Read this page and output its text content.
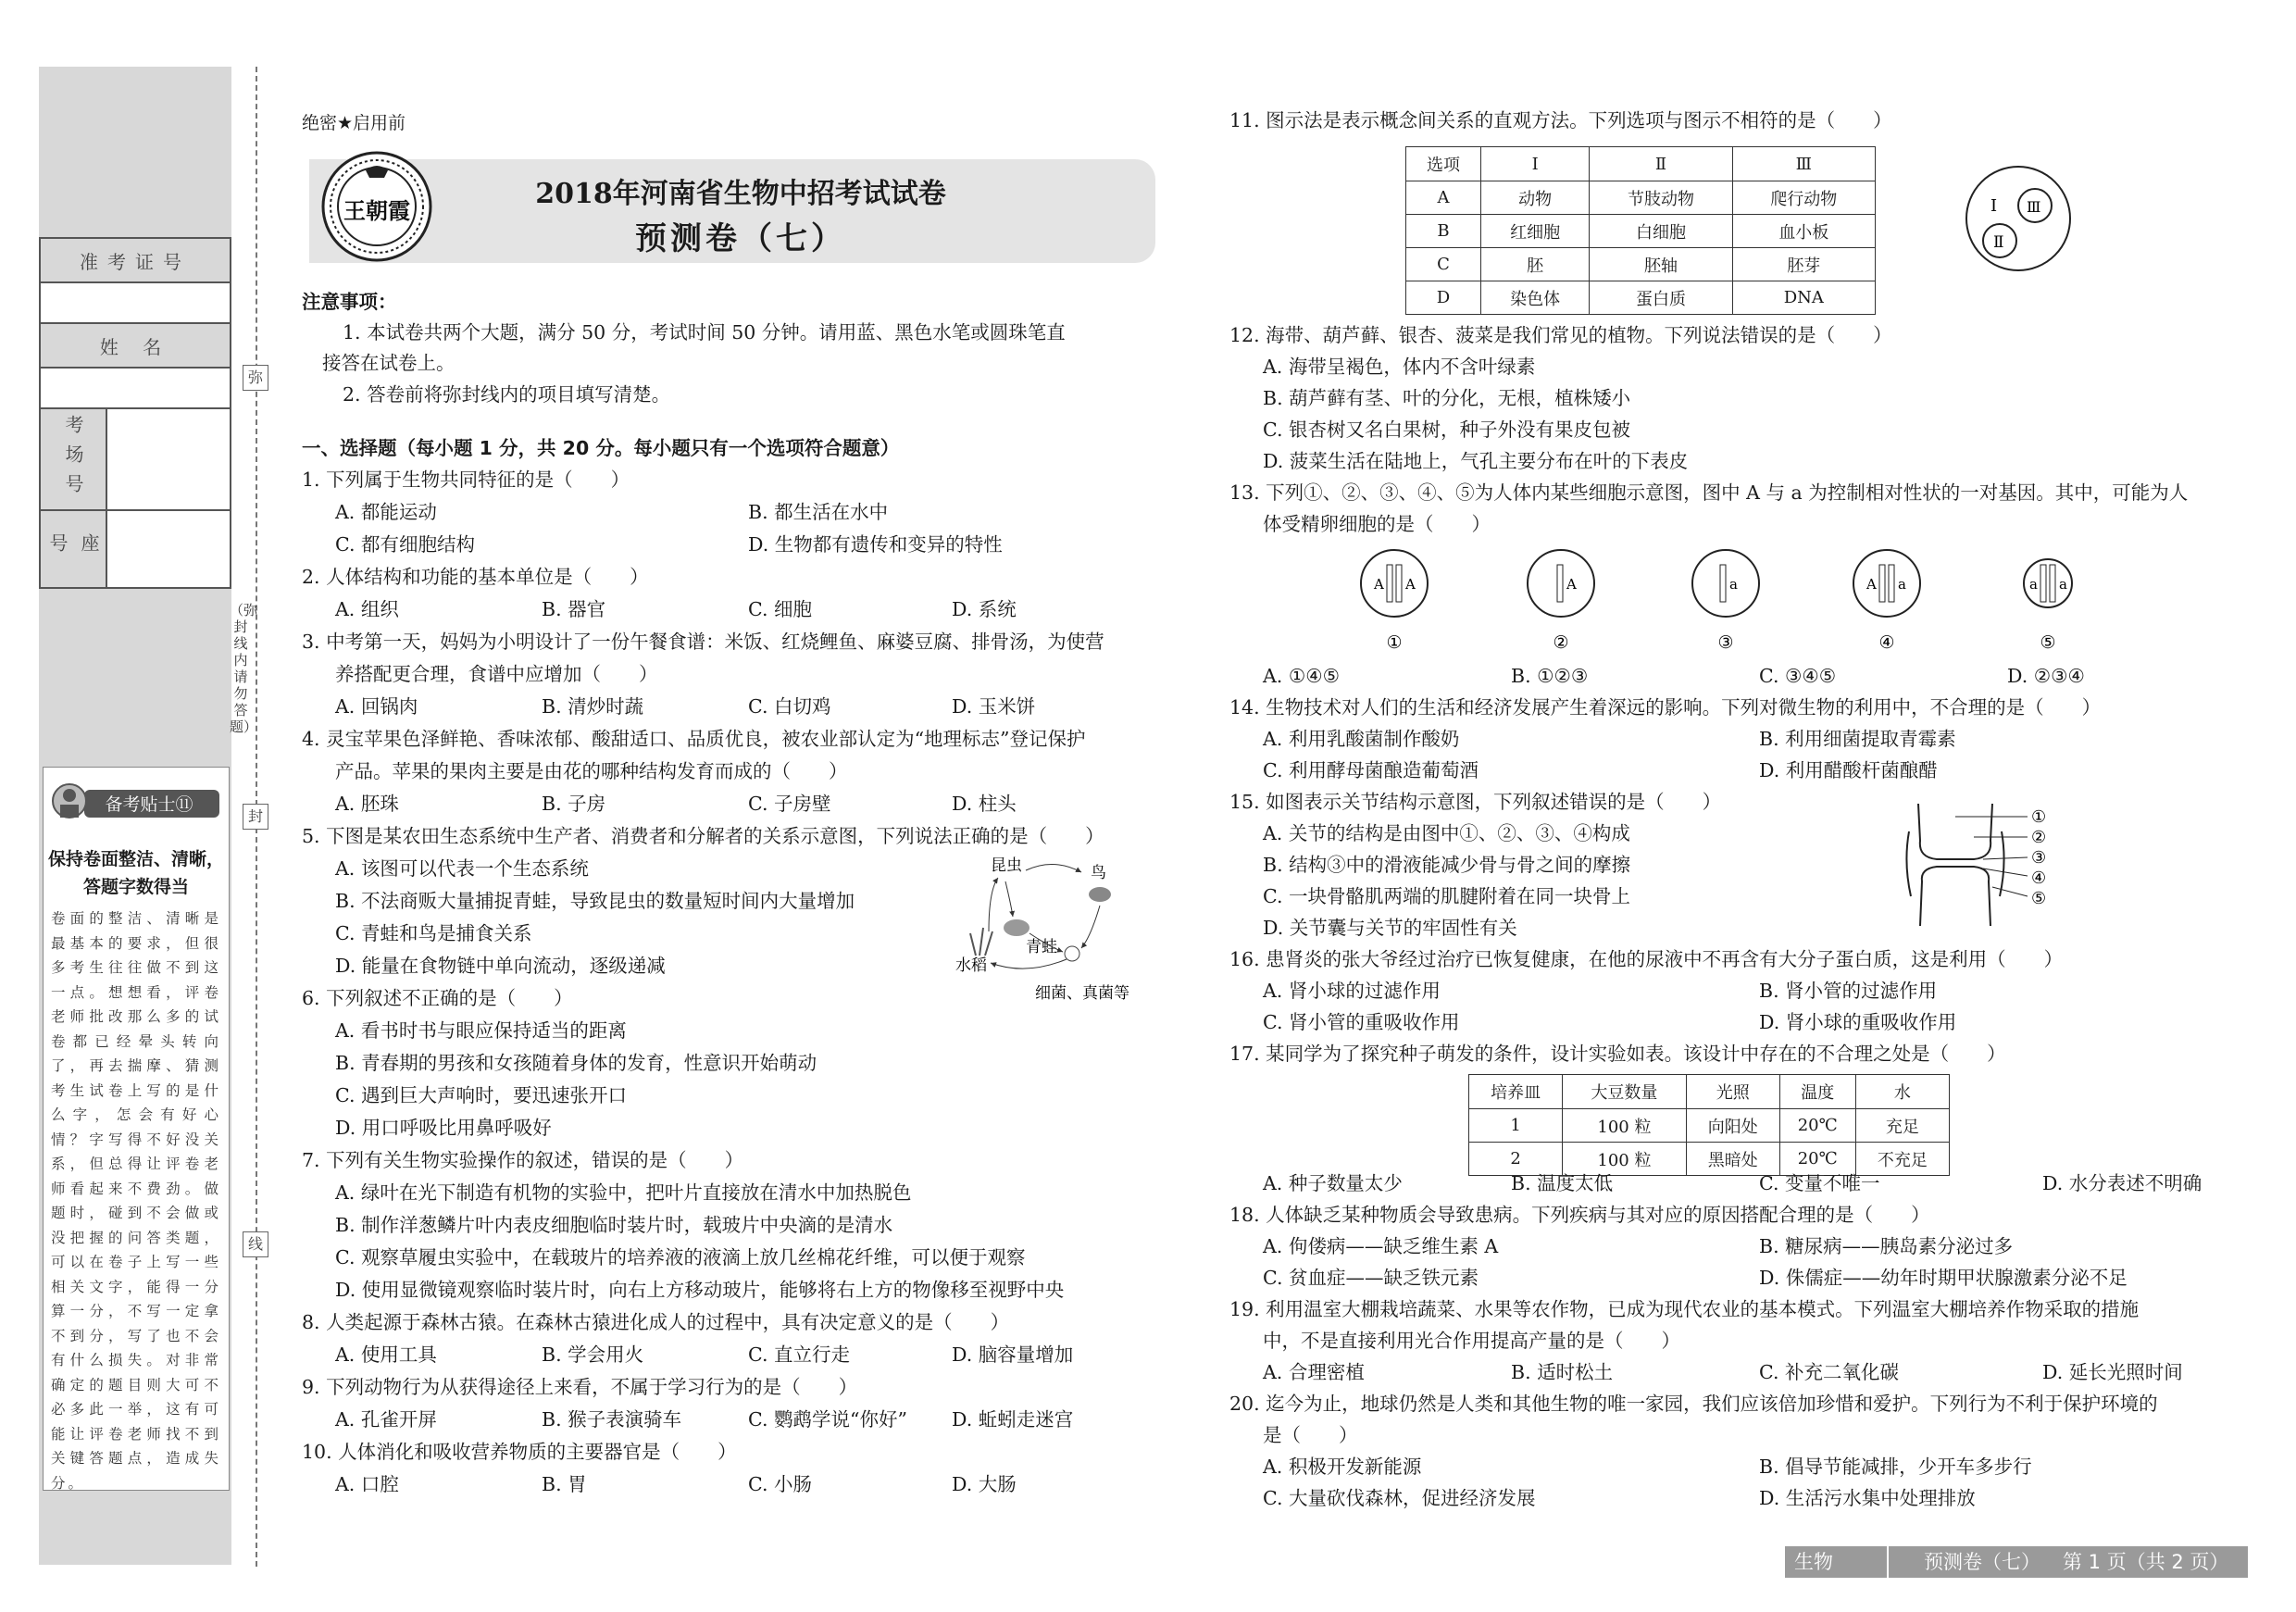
准考证号	

姓 名	

考场号	
座 号	
备考贴士⑪
保持卷面整洁、清晰，答题字数得当
卷面的整洁、清晰是最基本的要求，但很多考生往往做不到这一点。想想看，评卷老师批改那么多的试卷都已经晕头转向了，再去揣摩、猜测考生试卷上写的是什么字，怎会有好心情？字写得不好没关系，但总得让评卷老师看起来不费劲。做题时，碰到不会做或没把握的问答类题，可以在卷子上写一些相关文字，能得一分算一分，不写一定拿不到分，写了也不会有什么损失。对非常确定的题目则大可不必多此一举，这有可能让评卷老师找不到关键答题点，造成失分。
弥
封
线
（弥封线内请勿答题）
绝密★启用前
王朝霞
2018年河南省生物中招考试试卷
预测卷（七）
注意事项：
1. 本试卷共两个大题，满分 50 分，考试时间 50 分钟。请用蓝、黑色水笔或圆珠笔直
接答在试卷上。
2. 答卷前将弥封线内的项目填写清楚。
一、选择题（每小题 1 分，共 20 分。每小题只有一个选项符合题意）
1. 下列属于生物共同特征的是（　　）
A. 都能运动	B. 都生活在水中
C. 都有细胞结构	D. 生物都有遗传和变异的特性
2. 人体结构和功能的基本单位是（　　）
A. 组织	B. 器官	C. 细胞	D. 系统
3. 中考第一天，妈妈为小明设计了一份午餐食谱：米饭、红烧鲤鱼、麻婆豆腐、排骨汤，为使营
养搭配更合理，食谱中应增加（　　）
A. 回锅肉	B. 清炒时蔬	C. 白切鸡	D. 玉米饼
4. 灵宝苹果色泽鲜艳、香味浓郁、酸甜适口、品质优良，被农业部认定为“地理标志”登记保护
产品。苹果的果肉主要是由花的哪种结构发育而成的（　　）
A. 胚珠	B. 子房	C. 子房壁	D. 柱头
5. 下图是某农田生态系统中生产者、消费者和分解者的关系示意图，下列说法正确的是（　　）
A. 该图可以代表一个生态系统
B. 不法商贩大量捕捉青蛙，导致昆虫的数量短时间内大量增加
C. 青蛙和鸟是捕食关系
D. 能量在食物链中单向流动，逐级递减
昆虫	鸟
青蛙
水稻
细菌、真菌等
6. 下列叙述不正确的是（　　）
A. 看书时书与眼应保持适当的距离
B. 青春期的男孩和女孩随着身体的发育，性意识开始萌动
C. 遇到巨大声响时，要迅速张开口
D. 用口呼吸比用鼻呼吸好
7. 下列有关生物实验操作的叙述，错误的是（　　）
A. 绿叶在光下制造有机物的实验中，把叶片直接放在清水中加热脱色
B. 制作洋葱鳞片叶内表皮细胞临时装片时，载玻片中央滴的是清水
C. 观察草履虫实验中，在载玻片的培养液的液滴上放几丝棉花纤维，可以便于观察
D. 使用显微镜观察临时装片时，向右上方移动玻片，能够将右上方的物像移至视野中央
8. 人类起源于森林古猿。在森林古猿进化成人的过程中，具有决定意义的是（　　）
A. 使用工具	B. 学会用火	C. 直立行走	D. 脑容量增加
9. 下列动物行为从获得途径上来看，不属于学习行为的是（　　）
A. 孔雀开屏	B. 猴子表演骑车	C. 鹦鹉学说“你好” D. 蚯蚓走迷宫
10. 人体消化和吸收营养物质的主要器官是（　　）
A. 口腔	B. 胃	C. 小肠	D. 大肠
11. 图示法是表示概念间关系的直观方法。下列选项与图示不相符的是（　　）
选项	Ⅰ	Ⅱ	Ⅲ
A	动物	节肢动物	爬行动物
B	红细胞	白细胞	血小板
C	胚	胚轴	胚芽
D	染色体	蛋白质	DNA
Ⅰ
Ⅱ
Ⅲ
12. 海带、葫芦藓、银杏、菠菜是我们常见的植物。下列说法错误的是（　　）
A. 海带呈褐色，体内不含叶绿素
B. 葫芦藓有茎、叶的分化，无根，植株矮小
C. 银杏树又名白果树，种子外没有果皮包被
D. 菠菜生活在陆地上，气孔主要分布在叶的下表皮
13. 下列①、②、③、④、⑤为人体内某些细胞示意图，图中 A 与 a 为控制相对性状的一对基因。其中，可能为人
体受精卵细胞的是（　　）
A A
①
A
②
a
③
A a
④
a a
⑤
A. ①④⑤	B. ①②③	C. ③④⑤	D. ②③④
14. 生物技术对人们的生活和经济发展产生着深远的影响。下列对微生物的利用中，不合理的是（　　）
A. 利用乳酸菌制作酸奶	B. 利用细菌提取青霉素
C. 利用酵母菌酿造葡萄酒	D. 利用醋酸杆菌酿醋
15. 如图表示关节结构示意图，下列叙述错误的是（　　）
A. 关节的结构是由图中①、②、③、④构成
B. 结构③中的滑液能减少骨与骨之间的摩擦
C. 一块骨骼肌两端的肌腱附着在同一块骨上
D. 关节囊与关节的牢固性有关
①
②
③
④
⑤
16. 患肾炎的张大爷经过治疗已恢复健康，在他的尿液中不再含有大分子蛋白质，这是利用（　　）
A. 肾小球的过滤作用	B. 肾小管的过滤作用
C. 肾小管的重吸收作用	D. 肾小球的重吸收作用
17. 某同学为了探究种子萌发的条件，设计实验如表。该设计中存在的不合理之处是（　　）
培养皿	大豆数量	光照	温度	水
1	100 粒	向阳处	20℃	充足
2	100 粒	黑暗处	20℃	不充足
A. 种子数量太少	B. 温度太低	C. 变量不唯一	D. 水分表述不明确
18. 人体缺乏某种物质会导致患病。下列疾病与其对应的原因搭配合理的是（　　）
A. 佝偻病——缺乏维生素 A	B. 糖尿病——胰岛素分泌过多
C. 贫血症——缺乏铁元素	D. 侏儒症——幼年时期甲状腺激素分泌不足
19. 利用温室大棚栽培蔬菜、水果等农作物，已成为现代农业的基本模式。下列温室大棚培养作物采取的措施
中，不是直接利用光合作用提高产量的是（　　）
A. 合理密植	B. 适时松土	C. 补充二氧化碳	D. 延长光照时间
20. 迄今为止，地球仍然是人类和其他生物的唯一家园，我们应该倍加珍惜和爱护。下列行为不利于保护环境的
是（　　）
A. 积极开发新能源	B. 倡导节能减排，少开车多步行
C. 大量砍伐森林，促进经济发展	D. 生活污水集中处理排放
生物	预测卷（七） 第 1 页（共 2 页）
